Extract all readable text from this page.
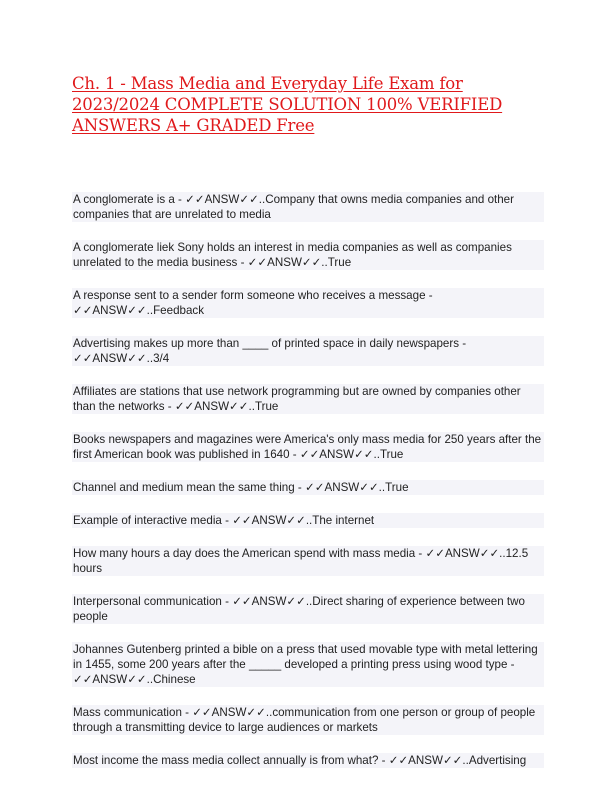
Ch. 1 - Mass Media and Everyday Life Exam for 2023/2024 COMPLETE SOLUTION 100% VERIFIED ANSWERS A+ GRADED Free

A conglomerate is a - ✓✓ANSW✓✓..Company that owns media companies and other companies that are unrelated to media

A conglomerate liek Sony holds an interest in media companies as well as companies unrelated to the media business - ✓✓ANSW✓✓..True

A response sent to a sender form someone who receives a message - ✓✓ANSW✓✓..Feedback

Advertising makes up more than ____ of printed space in daily newspapers - ✓✓ANSW✓✓..3/4

Affiliates are stations that use network programming but are owned by companies other than the networks - ✓✓ANSW✓✓..True

Books newspapers and magazines were America's only mass media for 250 years after the first American book was published in 1640 - ✓✓ANSW✓✓..True

Channel and medium mean the same thing - ✓✓ANSW✓✓..True

Example of interactive media - ✓✓ANSW✓✓..The internet

How many hours a day does the American spend with mass media - ✓✓ANSW✓✓..12.5 hours

Interpersonal communication - ✓✓ANSW✓✓..Direct sharing of experience between two people

Johannes Gutenberg printed a bible on a press that used movable type with metal lettering in 1455, some 200 years after the _____ developed a printing press using wood type - ✓✓ANSW✓✓..Chinese

Mass communication - ✓✓ANSW✓✓..communication from one person or group of people through a transmitting device to large audiences or markets

Most income the mass media collect annually is from what? - ✓✓ANSW✓✓..Advertising
